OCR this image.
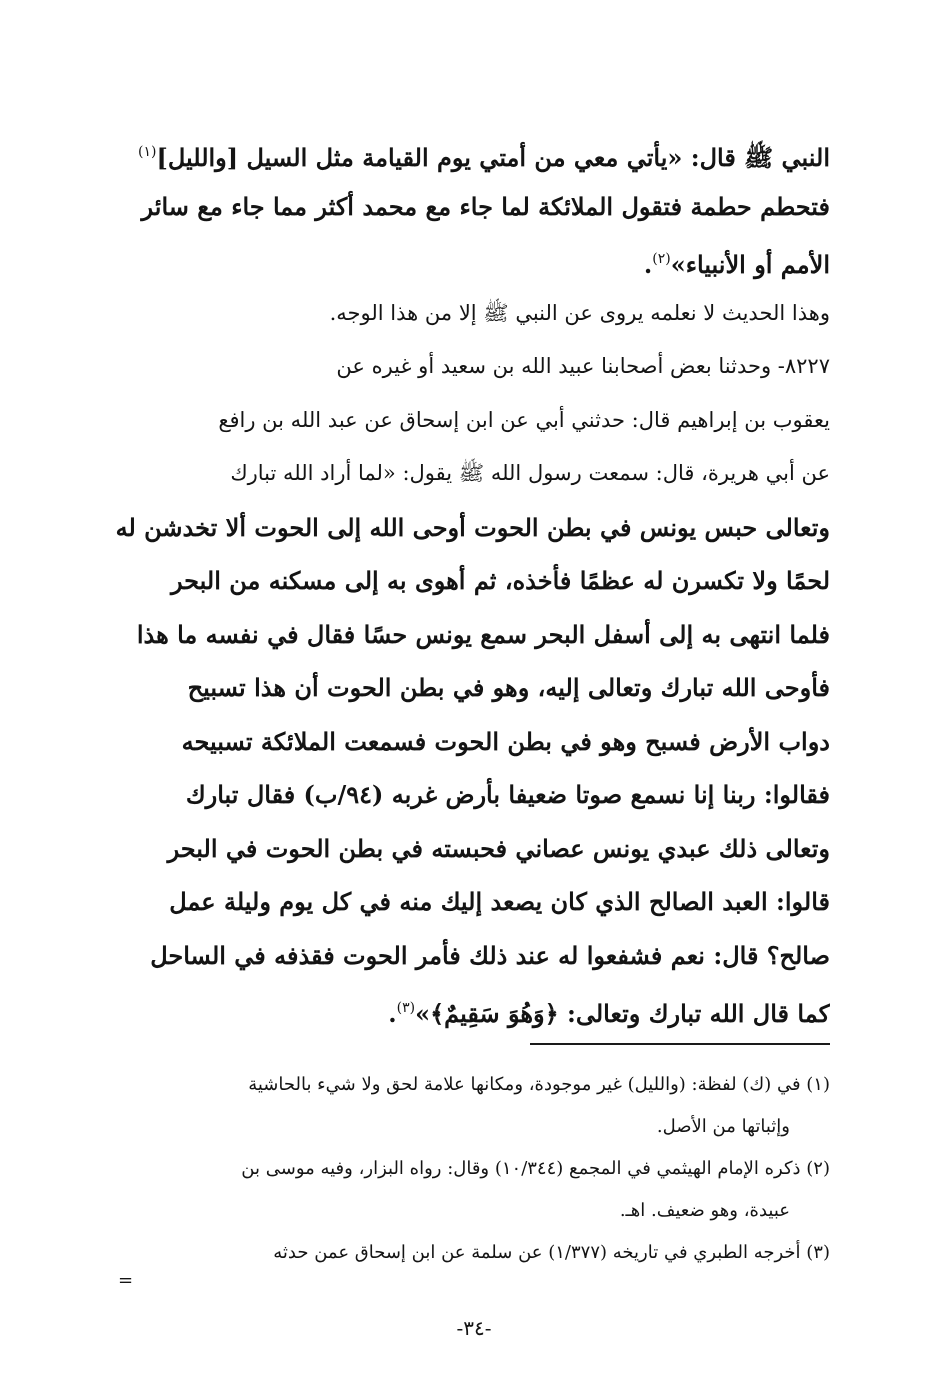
النبي ﷺ قال: «يأتي معي من أمتي يوم القيامة مثل السيل [والليل]$^{(١)}$
فتحطم حطمة فتقول الملائكة لما جاء مع محمد أكثر مما جاء مع سائر
الأمم أو الأنبياء»$^{(٢)}$.
وهذا الحديث لا نعلمه يروى عن النبي ﷺ إلا من هذا الوجه.
٨٢٢٧- وحدثنا بعض أصحابنا عبيد الله بن سعيد أو غيره عن
يعقوب بن إبراهيم قال: حدثني أبي عن ابن إسحاق عن عبد الله بن رافع
عن أبي هريرة، قال: سمعت رسول الله ﷺ يقول: «لما أراد الله تبارك
وتعالى حبس يونس في بطن الحوت أوحى الله إلى الحوت ألا تخدشن له
لحمًا ولا تكسرن له عظمًا فأخذه، ثم أهوى به إلى مسكنه من البحر
فلما انتهى به إلى أسفل البحر سمع يونس حسًا فقال في نفسه ما هذا
فأوحى الله تبارك وتعالى إليه، وهو في بطن الحوت أن هذا تسبيح
دواب الأرض فسبح وهو في بطن الحوت فسمعت الملائكة تسبيحه
فقالوا: ربنا إنا نسمع صوتا ضعيفا بأرض غربه (٩٤/ب) فقال تبارك
وتعالى ذلك عبدي يونس عصاني فحبسته في بطن الحوت في البحر
قالوا: العبد الصالح الذي كان يصعد إليك منه في كل يوم وليلة عمل
صالح؟ قال: نعم فشفعوا له عند ذلك فأمر الحوت فقذفه في الساحل
كما قال الله تبارك وتعالى: ﴿وَهُوَ سَقِيمٌ﴾»$^{(٣)}$.
(١) في (ك) لفظة: (والليل) غير موجودة، ومكانها علامة لحق ولا شيء بالحاشية
وإثباتها من الأصل.
(٢) ذكره الإمام الهيثمي في المجمع (١٠/٣٤٤) وقال: رواه البزار، وفيه موسى بن
عبيدة، وهو ضعيف. اهـ.
(٣) أخرجه الطبري في تاريخه (١/٣٧٧) عن سلمة عن ابن إسحاق عمن حدثه
=
-٣٤-
